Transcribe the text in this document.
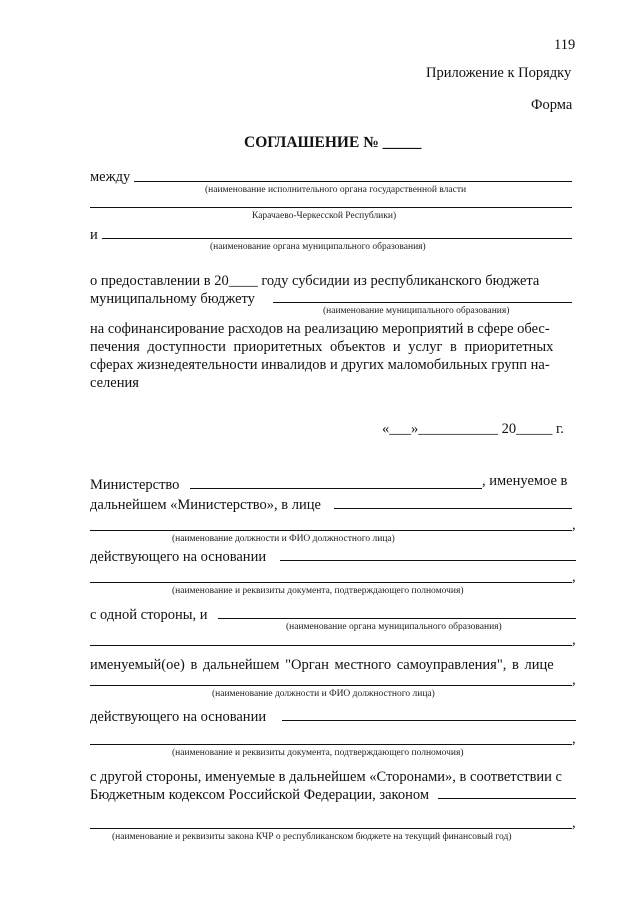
119
Приложение к Порядку
Форма
СОГЛАШЕНИЕ № _____
между
(наименование исполнительного органа государственной власти
Карачаево-Черкесской Республики)
и
(наименование органа муниципального образования)
о предоставлении в 20____ году субсидии из республиканского бюджета
муниципальному бюджету
(наименование муниципального образования)
на софинансирование расходов на реализацию мероприятий в сфере обес-
печения доступности приоритетных объектов и услуг в приоритетных
сферах жизнедеятельности инвалидов и других маломобильных групп на-
селения
«___»___________ 20_____ г.
Министерство	, именуемое в
дальнейшем «Министерство», в лице
,
(наименование должности и ФИО должностного лица)
действующего на основании
,
(наименование и реквизиты документа, подтверждающего полномочия)
с одной стороны, и
(наименование органа муниципального образования)
,
именуемый(ое) в дальнейшем "Орган местного самоуправления", в лице
,
(наименование должности и ФИО должностного лица)
действующего на основании
,
(наименование и реквизиты документа, подтверждающего полномочия)
с другой стороны, именуемые в дальнейшем «Сторонами», в соответствии с
Бюджетным кодексом Российской Федерации, законом
,
(наименование и реквизиты закона КЧР о республиканском бюджете на текущий финансовый год)
